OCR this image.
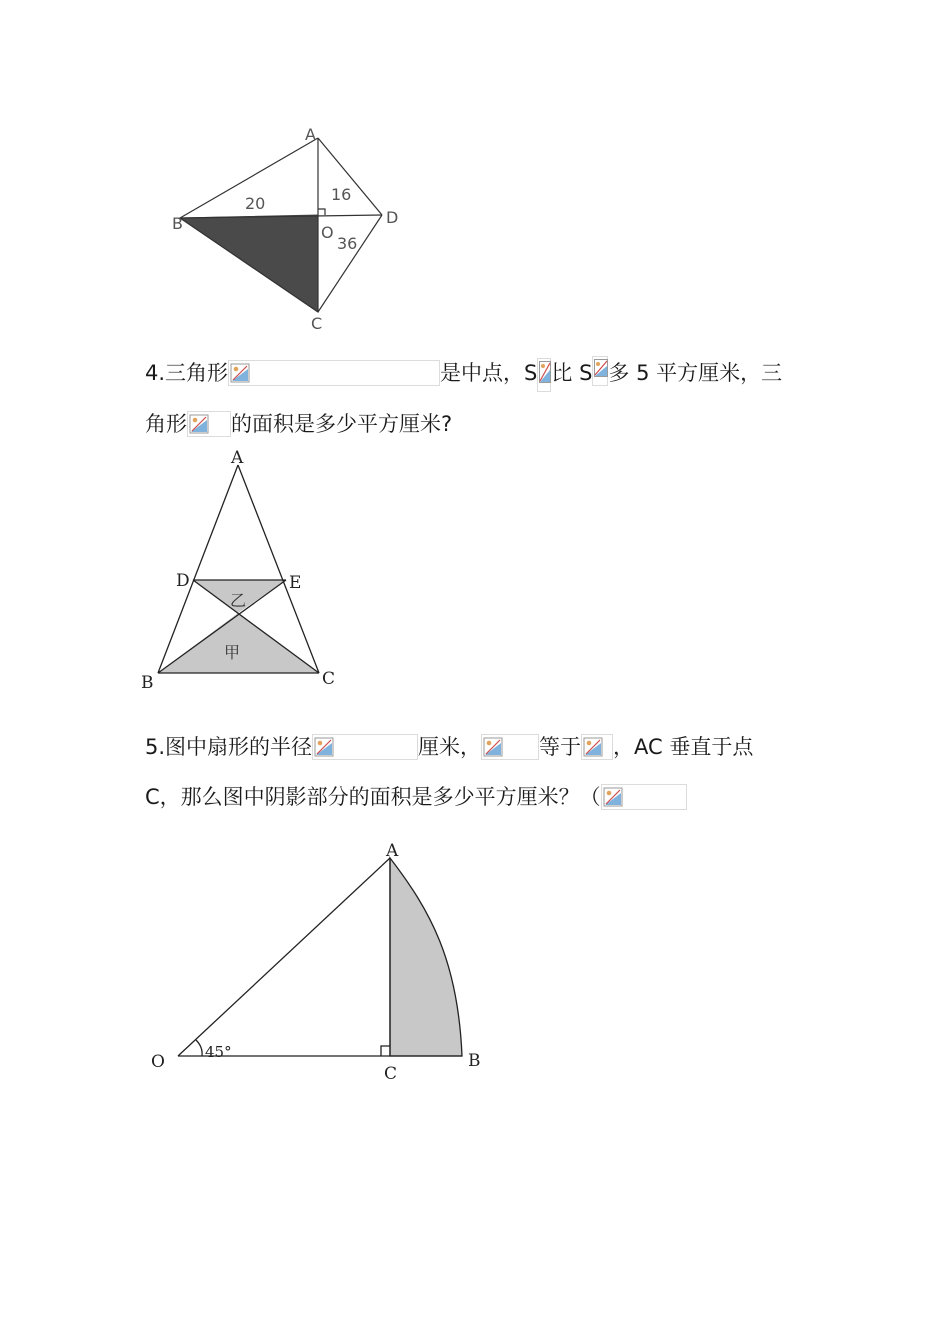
A
B
C
D
O
20	16
36
4.三角形	是中点，S 比 S 多 5 平方厘米，三
角形 的面积是多少平方厘米?
A
B	C
D	E
乙
甲
5.图中扇形的半径	厘米，	等于 ，AC 垂直于点
C，那么图中阴影部分的面积是多少平方厘米？（
O
A
B
C
45°
